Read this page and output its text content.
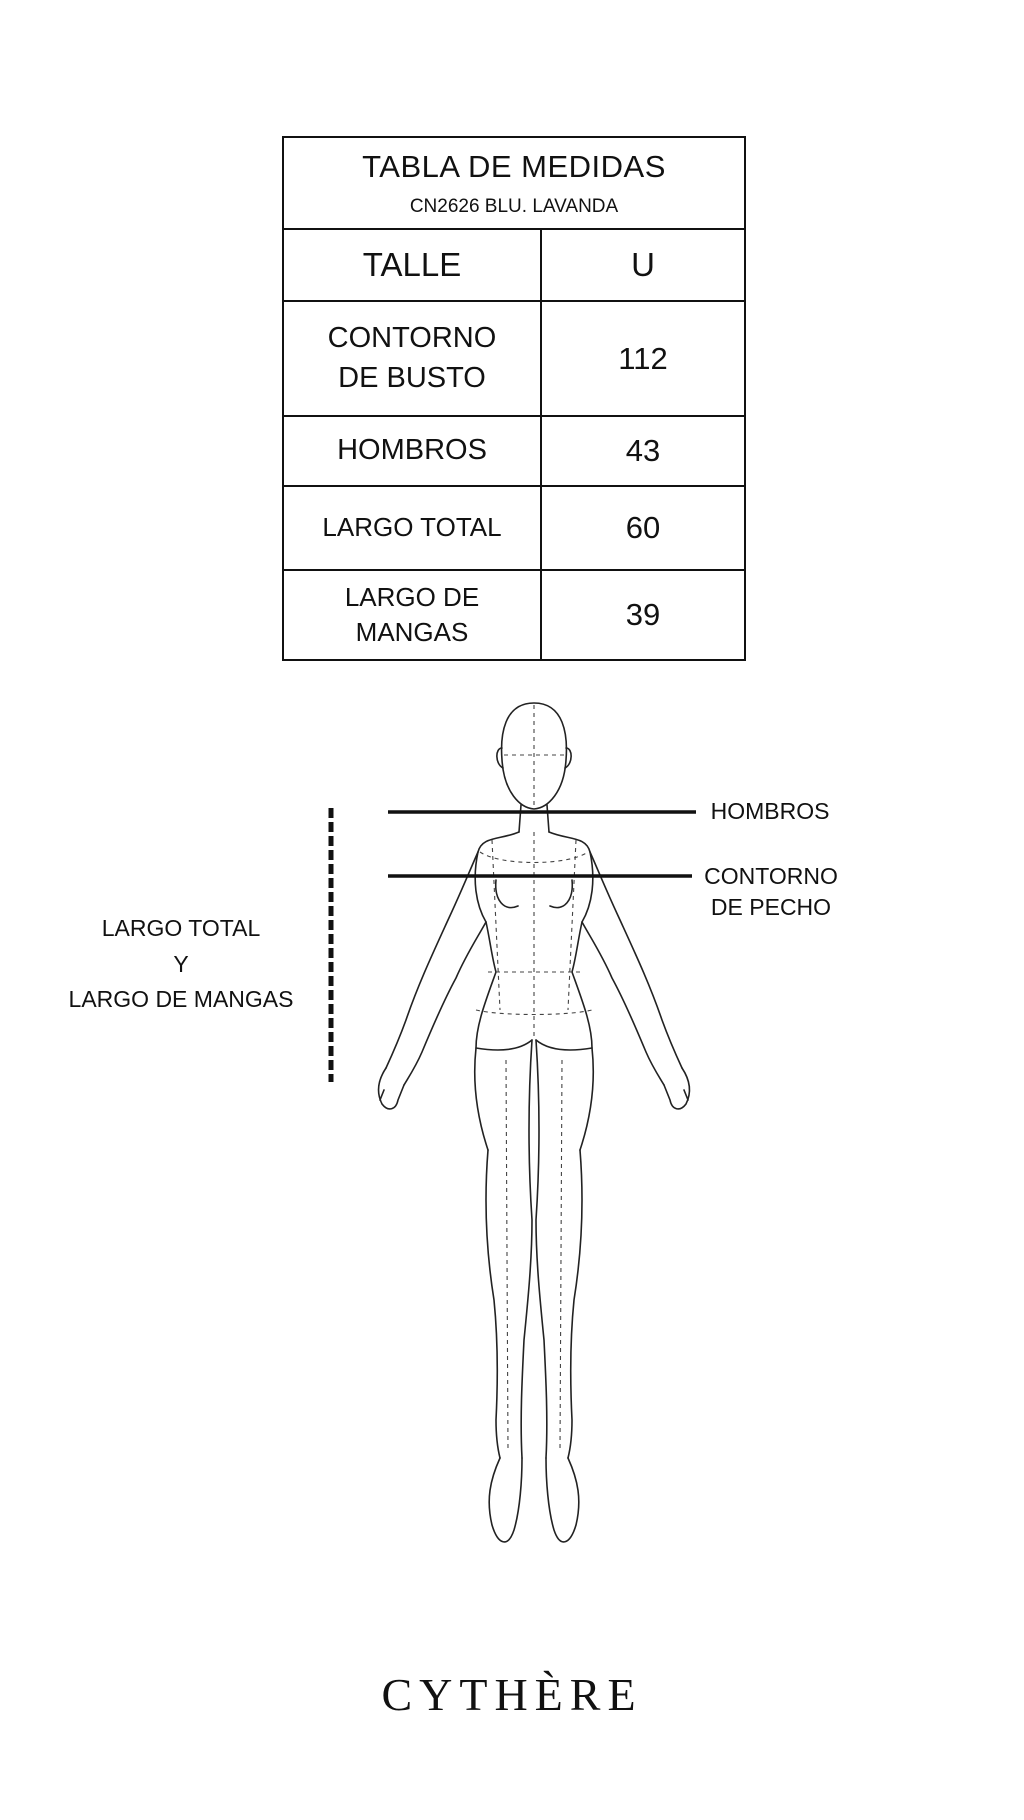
TABLA DE MEDIDAS
CN2626 BLU. LAVANDA	

TALLE	U
CONTORNO
DE BUSTO	112
HOMBROS	43
LARGO TOTAL	60
LARGO DE
MANGAS	39
HOMBROS
CONTORNO
DE PECHO
LARGO TOTAL
Y
LARGO DE MANGAS
CYTHÈRE
